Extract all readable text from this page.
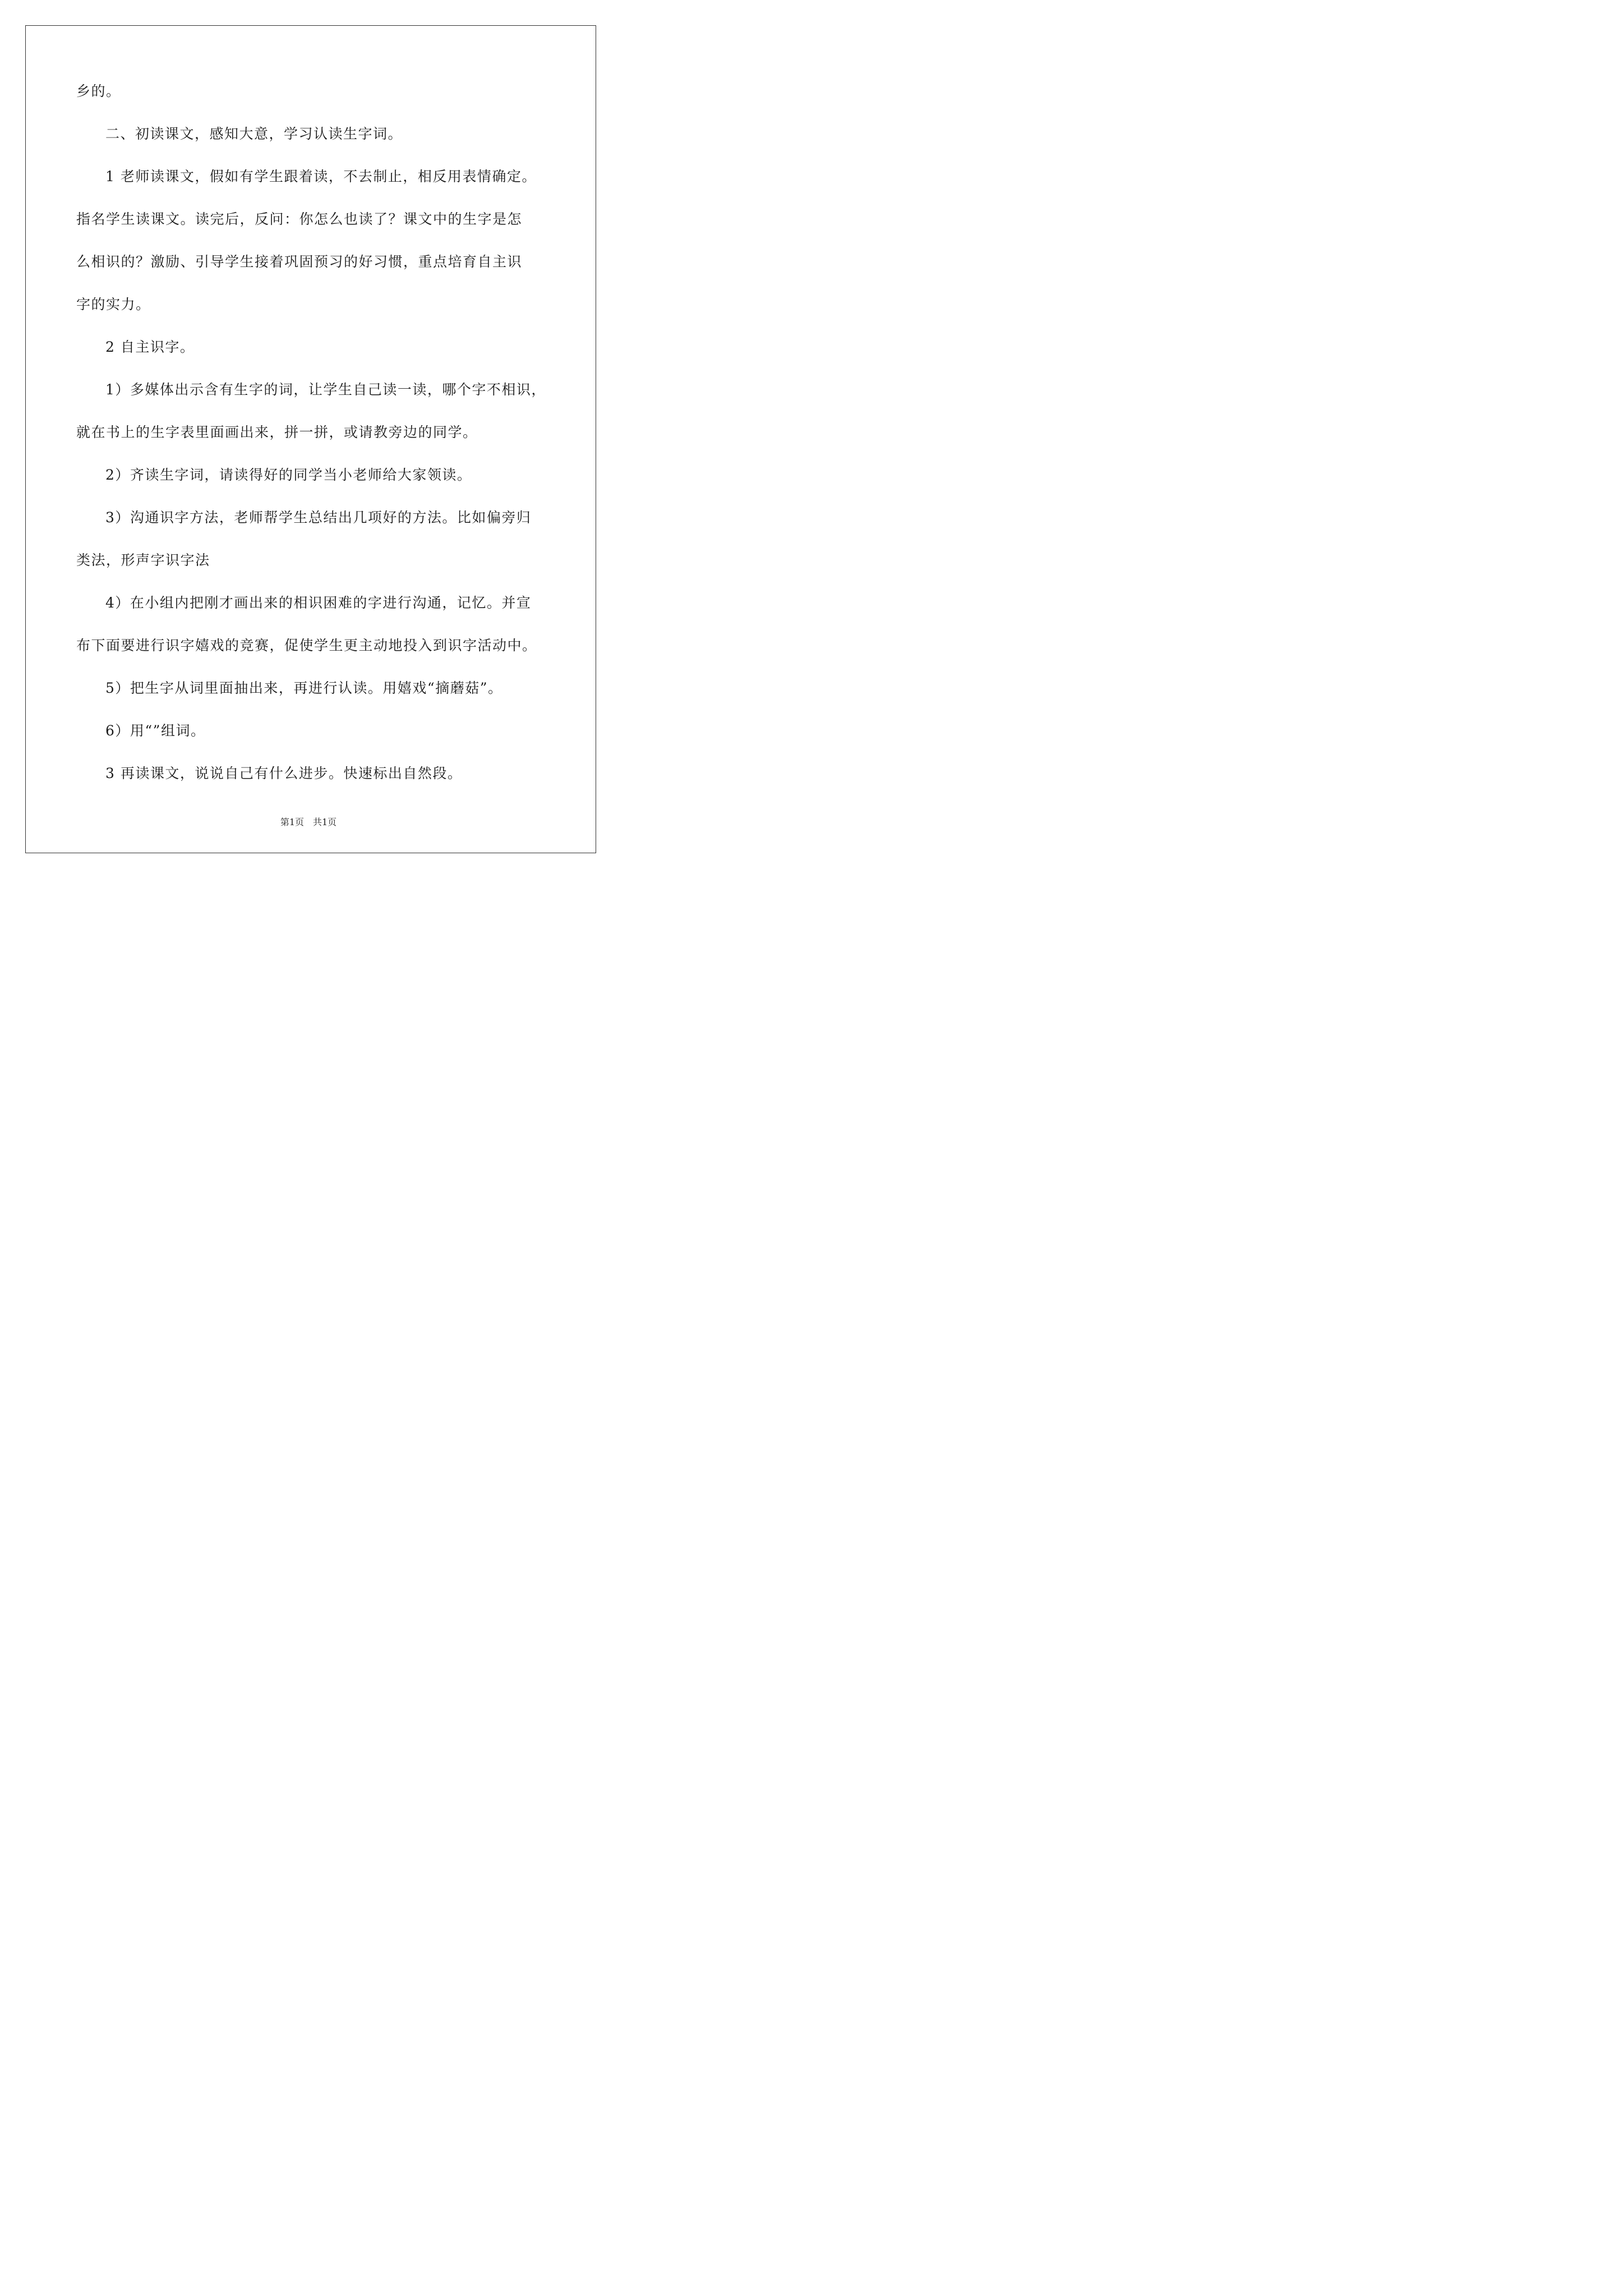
乡的。
二、初读课文，感知大意，学习认读生字词。
1 老师读课文，假如有学生跟着读，不去制止，相反用表情确定。
指名学生读课文。读完后，反问：你怎么也读了？课文中的生字是怎
么相识的？激励、引导学生接着巩固预习的好习惯，重点培育自主识
字的实力。
2 自主识字。
1）多媒体出示含有生字的词，让学生自己读一读，哪个字不相识，
就在书上的生字表里面画出来，拼一拼，或请教旁边的同学。
2）齐读生字词，请读得好的同学当小老师给大家领读。
3）沟通识字方法，老师帮学生总结出几项好的方法。比如偏旁归
类法，形声字识字法
4）在小组内把刚才画出来的相识困难的字进行沟通，记忆。并宣
布下面要进行识字嬉戏的竞赛，促使学生更主动地投入到识字活动中。
5）把生字从词里面抽出来，再进行认读。用嬉戏“摘蘑菇”。
6）用“”组词。
3 再读课文，说说自己有什么进步。快速标出自然段。
第1页　共1页
